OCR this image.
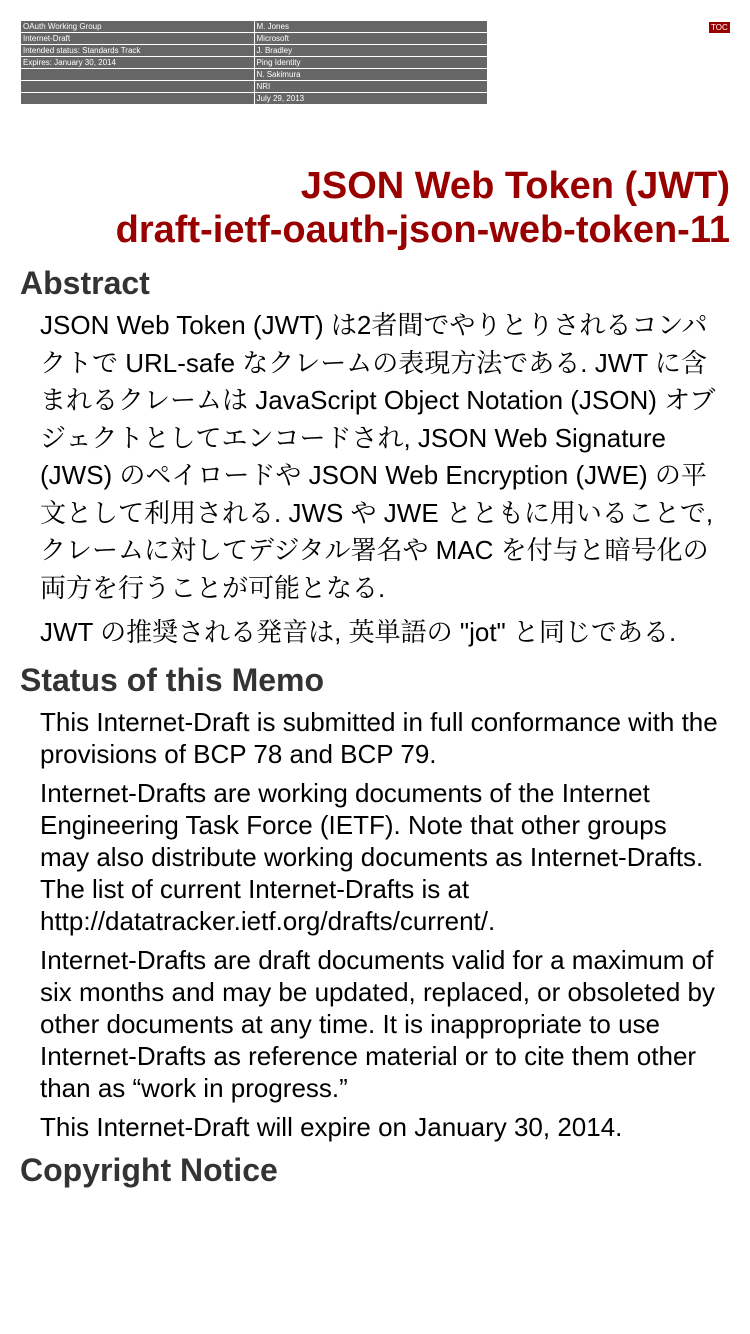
OAuth Working Group	M. Jones
Internet-Draft	Microsoft
Intended status: Standards Track	J. Bradley
Expires: January 30, 2014	Ping Identity
	N. Sakimura
	NRI
	July 29, 2013
TOC
JSON Web Token (JWT)
draft-ietf-oauth-json-web-token-11
Abstract

JSON Web Token (JWT) は2者間でやりとりされるコンパクトで URL-safe なクレームの表現方法である. JWT に含まれるクレームは JavaScript Object Notation (JSON) オブジェクトとしてエンコードされ, JSON Web Signature (JWS) のペイロードや JSON Web Encryption (JWE) の平文として利用される. JWS や JWE とともに用いることで, クレームに対してデジタル署名や MAC を付与と暗号化の両方を行うことが可能となる.

JWT の推奨される発音は, 英単語の "jot" と同じである.

Status of this Memo

This Internet-Draft is submitted in full conformance with the provisions of BCP 78 and BCP 79.

Internet-Drafts are working documents of the Internet Engineering Task Force (IETF). Note that other groups may also distribute working documents as Internet-Drafts. The list of current Internet-Drafts is at http://datatracker.ietf.org/drafts/current/.

Internet-Drafts are draft documents valid for a maximum of six months and may be updated, replaced, or obsoleted by other documents at any time. It is inappropriate to use Internet-Drafts as reference material or to cite them other than as “work in progress.”

This Internet-Draft will expire on January 30, 2014.

Copyright Notice
